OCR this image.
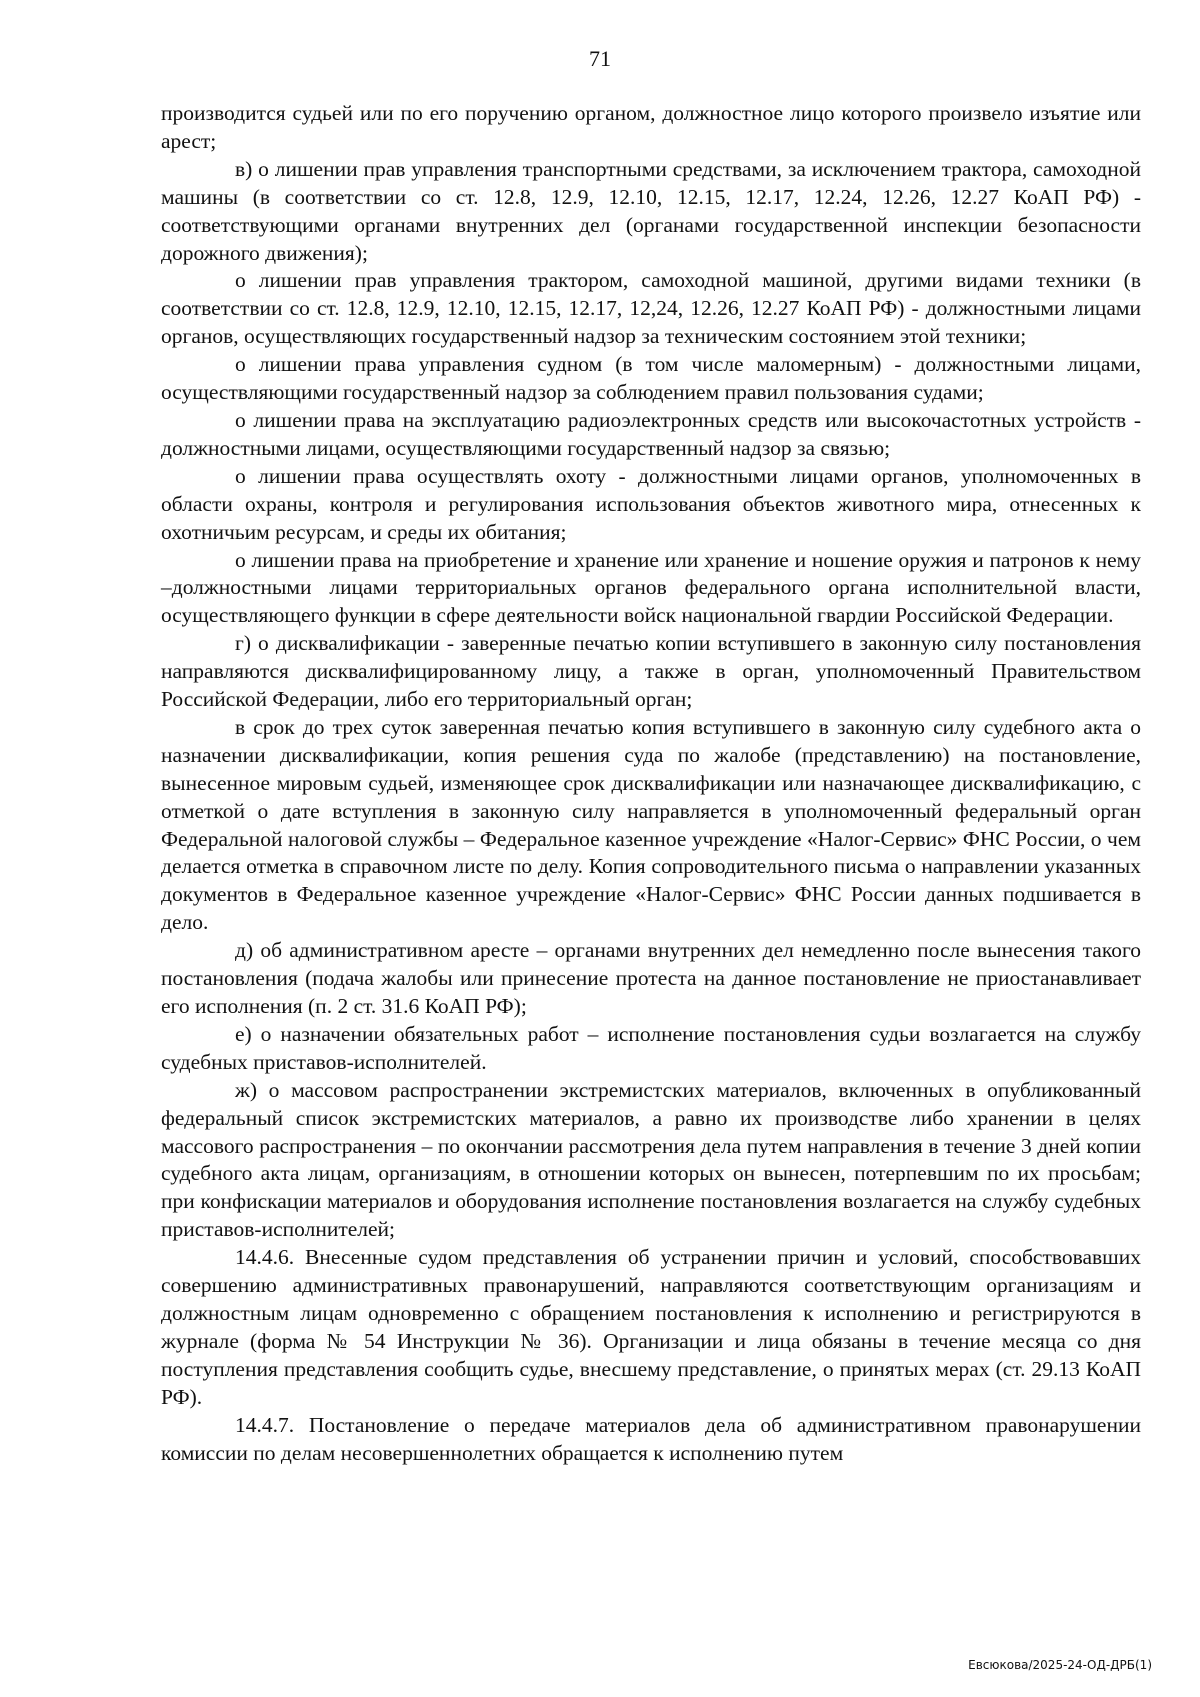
71

производится судьей или по его поручению органом, должностное лицо которого произвело изъятие или арест;

в) о лишении прав управления транспортными средствами, за исключением трактора, самоходной машины (в соответствии со ст. 12.8, 12.9, 12.10, 12.15, 12.17, 12.24, 12.26, 12.27 КоАП РФ) - соответствующими органами внутренних дел (органами государственной инспекции безопасности дорожного движения);

о лишении прав управления трактором, самоходной машиной, другими видами техники (в соответствии со ст. 12.8, 12.9, 12.10, 12.15, 12.17, 12,24, 12.26, 12.27 КоАП РФ) - должностными лицами органов, осуществляющих государственный надзор за техническим состоянием этой техники;

о лишении права управления судном (в том числе маломерным) - должностными лицами, осуществляющими государственный надзор за соблюдением правил пользования судами;

о лишении права на эксплуатацию радиоэлектронных средств или высокочастотных устройств - должностными лицами, осуществляющими государственный надзор за связью;

о лишении права осуществлять охоту - должностными лицами органов, уполномоченных в области охраны, контроля и регулирования использования объектов животного мира, отнесенных к охотничьим ресурсам, и среды их обитания;

о лишении права на приобретение и хранение или хранение и ношение оружия и патронов к нему –должностными лицами территориальных органов федерального органа исполнительной власти, осуществляющего функции в сфере деятельности войск национальной гвардии Российской Федерации.

г) о дисквалификации - заверенные печатью копии вступившего в законную силу постановления направляются дисквалифицированному лицу, а также в орган, уполномоченный Правительством Российской Федерации, либо его территориальный орган;

в срок до трех суток заверенная печатью копия вступившего в законную силу судебного акта о назначении дисквалификации, копия решения суда по жалобе (представлению) на постановление, вынесенное мировым судьей, изменяющее срок дисквалификации или назначающее дисквалификацию, с отметкой о дате вступления в законную силу направляется в уполномоченный федеральный орган Федеральной налоговой службы – Федеральное казенное учреждение «Налог-Сервис» ФНС России, о чем делается отметка в справочном листе по делу. Копия сопроводительного письма о направлении указанных документов в Федеральное казенное учреждение «Налог-Сервис» ФНС России данных подшивается в дело.

д) об административном аресте – органами внутренних дел немедленно после вынесения такого постановления (подача жалобы или принесение протеста на данное постановление не приостанавливает его исполнения (п. 2 ст. 31.6 КоАП РФ);

е) о назначении обязательных работ – исполнение постановления судьи возлагается на службу судебных приставов-исполнителей.

ж) о массовом распространении экстремистских материалов, включенных в опубликованный федеральный список экстремистских материалов, а равно их производстве либо хранении в целях массового распространения – по окончании рассмотрения дела путем направления в течение 3 дней копии судебного акта лицам, организациям, в отношении которых он вынесен, потерпевшим по их просьбам; при конфискации материалов и оборудования исполнение постановления возлагается на службу судебных приставов-исполнителей;

14.4.6. Внесенные судом представления об устранении причин и условий, способствовавших совершению административных правонарушений, направляются соответствующим организациям и должностным лицам одновременно с обращением постановления к исполнению и регистрируются в журнале (форма № 54 Инструкции № 36). Организации и лица обязаны в течение месяца со дня поступления представления сообщить судье, внесшему представление, о принятых мерах (ст. 29.13 КоАП РФ).

14.4.7. Постановление о передаче материалов дела об административном правонарушении комиссии по делам несовершеннолетних обращается к исполнению путем

Евсюкова/2025-24-ОД-ДРБ(1)
